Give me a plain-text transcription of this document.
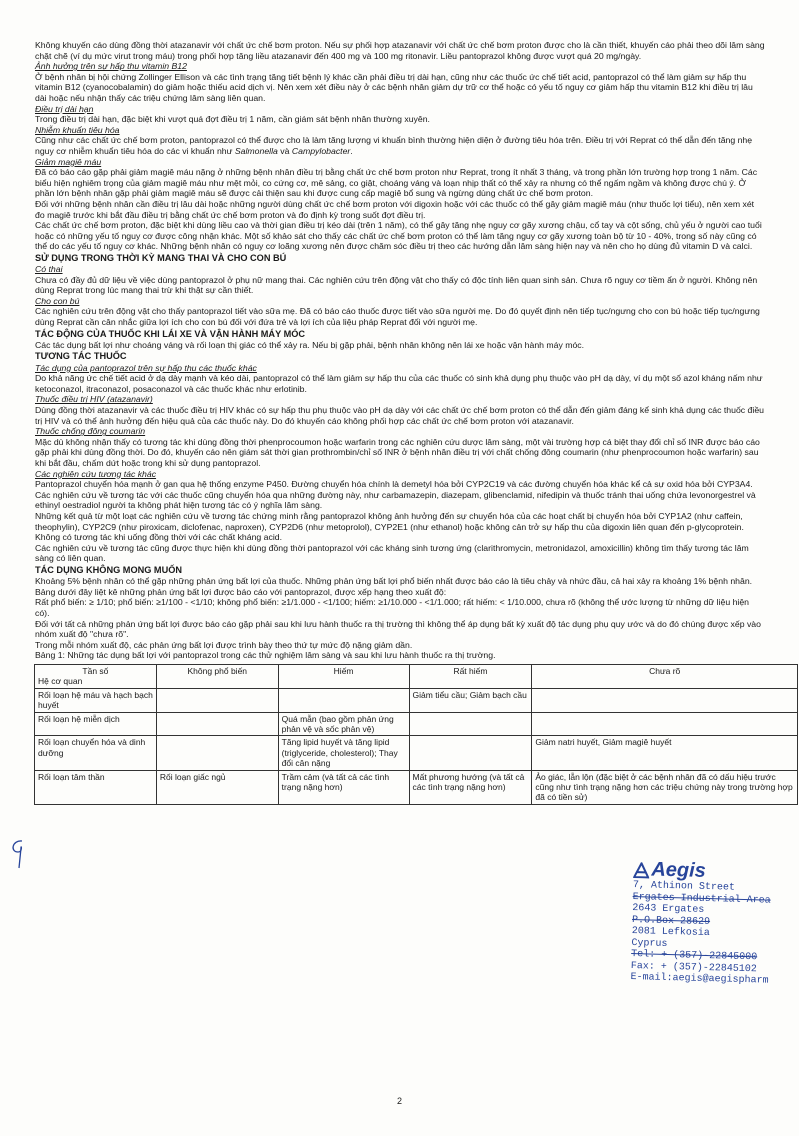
Không khuyến cáo dùng đồng thời atazanavir với chất ức chế bơm proton. Nếu sự phối hợp atazanavir với chất ức chế bơm proton được cho là cần thiết, khuyến cáo phải theo dõi lâm sàng chặt chẽ (ví dụ mức virut trong máu) trong phối hợp tăng liều atazanavir đến 400 mg và 100 mg ritonavir. Liều pantoprazol không được vượt quá 20 mg/ngày.

Ảnh hưởng trên sự hấp thu vitamin B12

Ở bệnh nhân bị hội chứng Zollinger Ellison và các tình trạng tăng tiết bệnh lý khác cần phải điều trị dài hạn, cũng như các thuốc ức chế tiết acid, pantoprazol có thể làm giảm sự hấp thu vitamin B12 (cyanocobalamin) do giảm hoặc thiếu acid dịch vị. Nên xem xét điều này ở các bệnh nhân giảm dự trữ cơ thể hoặc có yếu tố nguy cơ giảm hấp thu vitamin B12 khi điều trị lâu dài hoặc nếu nhận thấy các triệu chứng lâm sàng liên quan.

Điều trị dài hạn

Trong điều trị dài hạn, đặc biệt khi vượt quá đợt điều trị 1 năm, cần giám sát bệnh nhân thường xuyên.

Nhiễm khuẩn tiêu hóa

Cũng như các chất ức chế bơm proton, pantoprazol có thể được cho là làm tăng lượng vi khuẩn bình thường hiện diện ở đường tiêu hóa trên. Điều trị với Reprat có thể dẫn đến tăng nhẹ nguy cơ nhiễm khuẩn tiêu hóa do các vi khuẩn như Salmonella và Campylobacter.

Giảm magiê máu

Đã có báo cáo gặp phải giảm magiê máu nặng ở những bệnh nhân điều trị bằng chất ức chế bơm proton như Reprat, trong ít nhất 3 tháng, và trong phần lớn trường hợp trong 1 năm. Các biểu hiện nghiêm trọng của giảm magiê máu như mệt mỏi, co cứng cơ, mê sảng, co giật, choáng váng và loạn nhịp thất có thể xảy ra nhưng có thể ngấm ngầm và không được chú ý. Ở phần lớn bệnh nhân gặp phải giảm magiê máu sẽ được cải thiện sau khi được cung cấp magiê bổ sung và ngừng dùng chất ức chế bơm proton.

Đối với những bệnh nhân cần điều trị lâu dài hoặc những người dùng chất ức chế bơm proton với digoxin hoặc với các thuốc có thể gây giảm magiê máu (như thuốc lợi tiểu), nên xem xét đo magiê trước khi bắt đầu điều trị bằng chất ức chế bơm proton và đo định kỳ trong suốt đợt điều trị.

Các chất ức chế bơm proton, đặc biệt khi dùng liều cao và thời gian điều trị kéo dài (trên 1 năm), có thể gây tăng nhẹ nguy cơ gãy xương chậu, cổ tay và cột sống, chủ yếu ở người cao tuổi hoặc có những yếu tố nguy cơ được công nhận khác. Một số khảo sát cho thấy các chất ức chế bơm proton có thể làm tăng nguy cơ gãy xương toàn bộ từ 10 - 40%, trong số này cũng có thể do các yếu tố nguy cơ khác. Những bệnh nhân có nguy cơ loãng xương nên được chăm sóc điều trị theo các hướng dẫn lâm sàng hiện nay và nên cho họ dùng đủ vitamin D và calci.

SỬ DỤNG TRONG THỜI KỲ MANG THAI VÀ CHO CON BÚ

Có thai

Chưa có đầy đủ dữ liệu về việc dùng pantoprazol ở phụ nữ mang thai. Các nghiên cứu trên động vật cho thấy có độc tính liên quan sinh sản. Chưa rõ nguy cơ tiềm ẩn ở người. Không nên dùng Reprat trong lúc mang thai trừ khi thật sự cần thiết.

Cho con bú

Các nghiên cứu trên động vật cho thấy pantoprazol tiết vào sữa mẹ. Đã có báo cáo thuốc được tiết vào sữa người mẹ. Do đó quyết định nên tiếp tục/ngưng cho con bú hoặc tiếp tục/ngưng dùng Reprat cần cân nhắc giữa lợi ích cho con bú đối với đứa trẻ và lợi ích của liệu pháp Reprat đối với người mẹ.

TÁC ĐỘNG CỦA THUỐC KHI LÁI XE VÀ VẬN HÀNH MÁY MÓC

Các tác dụng bất lợi như choáng váng và rối loạn thị giác có thể xảy ra. Nếu bị gặp phải, bệnh nhân không nên lái xe hoặc vận hành máy móc.

TƯƠNG TÁC THUỐC

Tác dụng của pantoprazol trên sự hấp thu các thuốc khác

Do khả năng ức chế tiết acid ở dạ dày mạnh và kéo dài, pantoprazol có thể làm giảm sự hấp thu của các thuốc có sinh khả dụng phụ thuộc vào pH dạ dày, ví dụ một số azol kháng nấm như ketoconazol, itraconazol, posaconazol và các thuốc khác như erlotinib.

Thuốc điều trị HIV (atazanavir)

Dùng đồng thời atazanavir và các thuốc điều trị HIV khác có sự hấp thu phụ thuộc vào pH dạ dày với các chất ức chế bơm proton có thể dẫn đến giảm đáng kể sinh khả dụng các thuốc điều trị HIV và có thể ảnh hưởng đến hiệu quả của các thuốc này. Do đó khuyến cáo không phối hợp các chất ức chế bơm proton với atazanavir.

Thuốc chống đông coumarin

Mặc dù không nhận thấy có tương tác khi dùng đồng thời phenprocoumon hoặc warfarin trong các nghiên cứu dược lâm sàng, một vài trường hợp cá biệt thay đổi chỉ số INR được báo cáo gặp phải khi dùng đồng thời. Do đó, khuyến cáo nên giám sát thời gian prothrombin/chỉ số INR ở bệnh nhân điều trị với chất chống đông coumarin (như phenprocoumon hoặc warfarin) sau khi bắt đầu, chấm dứt hoặc trong khi sử dụng pantoprazol.

Các nghiên cứu tương tác khác

Pantoprazol chuyển hóa mạnh ở gan qua hệ thống enzyme P450. Đường chuyển hóa chính là demetyl hóa bởi CYP2C19 và các đường chuyển hóa khác kể cả sự oxid hóa bởi CYP3A4.

Các nghiên cứu về tương tác với các thuốc cũng chuyển hóa qua những đường này, như carbamazepin, diazepam, glibenclamid, nifedipin và thuốc tránh thai uống chứa levonorgestrel và ethinyl oestradiol người ta không phát hiện tương tác có ý nghĩa lâm sàng.

Những kết quả từ một loạt các nghiên cứu về tương tác chứng minh rằng pantoprazol không ảnh hưởng đến sự chuyển hóa của các hoạt chất bị chuyển hóa bởi CYP1A2 (như caffein, theophylin), CYP2C9 (như piroxicam, diclofenac, naproxen), CYP2D6 (như metoprolol), CYP2E1 (như ethanol) hoặc không cản trở sự hấp thu của digoxin liên quan đến p-glycoprotein.

Không có tương tác khi uống đồng thời với các chất kháng acid.

Các nghiên cứu về tương tác cũng được thực hiện khi dùng đồng thời pantoprazol với các kháng sinh tương ứng (clarithromycin, metronidazol, amoxicillin) không tìm thấy tương tác lâm sàng có liên quan.

TÁC DỤNG KHÔNG MONG MUỐN

Khoảng 5% bệnh nhân có thể gặp những phản ứng bất lợi của thuốc. Những phản ứng bất lợi phổ biến nhất được báo cáo là tiêu chảy và nhức đầu, cả hai xảy ra khoảng 1% bệnh nhân.

Bảng dưới đây liệt kê những phản ứng bất lợi được báo cáo với pantoprazol, được xếp hạng theo xuất độ:

Rất phổ biến: ≥ 1/10; phổ biến: ≥1/100 - <1/10; không phổ biến: ≥1/1.000 - <1/100; hiếm: ≥1/10.000 - <1/1.000; rất hiếm: < 1/10.000, chưa rõ (không thể ước lượng từ những dữ liệu hiện có).

Đối với tất cả những phản ứng bất lợi được báo cáo gặp phải sau khi lưu hành thuốc ra thị trường thì không thể áp dụng bất kỳ xuất độ tác dụng phụ quy ước và do đó chúng được xếp vào nhóm xuất độ "chưa rõ".

Trong mỗi nhóm xuất độ, các phản ứng bất lợi được trình bày theo thứ tự mức độ nặng giảm dần.

Bảng 1: Những tác dụng bất lợi với pantoprazol trong các thử nghiệm lâm sàng và sau khi lưu hành thuốc ra thị trường.

Tần số
Hệ cơ quan	Không phổ biến	Hiếm	Rất hiếm	Chưa rõ
Rối loạn hệ máu và hạch bạch huyết			Giảm tiểu cầu; Giảm bạch cầu	
Rối loạn hệ miễn dịch		Quá mẫn (bao gồm phản ứng phản vệ và sốc phản vệ)		
Rối loạn chuyển hóa và dinh dưỡng		Tăng lipid huyết và tăng lipid (triglyceride, cholesterol); Thay đổi cân nặng		Giảm natri huyết, Giảm magiê huyết
Rối loạn tâm thần	Rối loạn giấc ngủ	Trầm cảm (và tất cả các tình trạng nặng hơn)	Mất phương hướng (và tất cả các tình trạng nặng hơn)	Ảo giác, lẫn lộn (đặc biệt ở các bệnh nhân đã có dấu hiệu trước cũng như tình trạng nặng hơn các triệu chứng này trong trường hợp đã có tiền sử)
Aegis
7, Athinon Street
Ergates Industrial Area
2643 Ergates
P.O.Box 28629
2081 Lefkosia
Cyprus
Tel: + (357)-22845000
Fax: + (357)-22845102
E-mail:aegis@aegispharm
2
